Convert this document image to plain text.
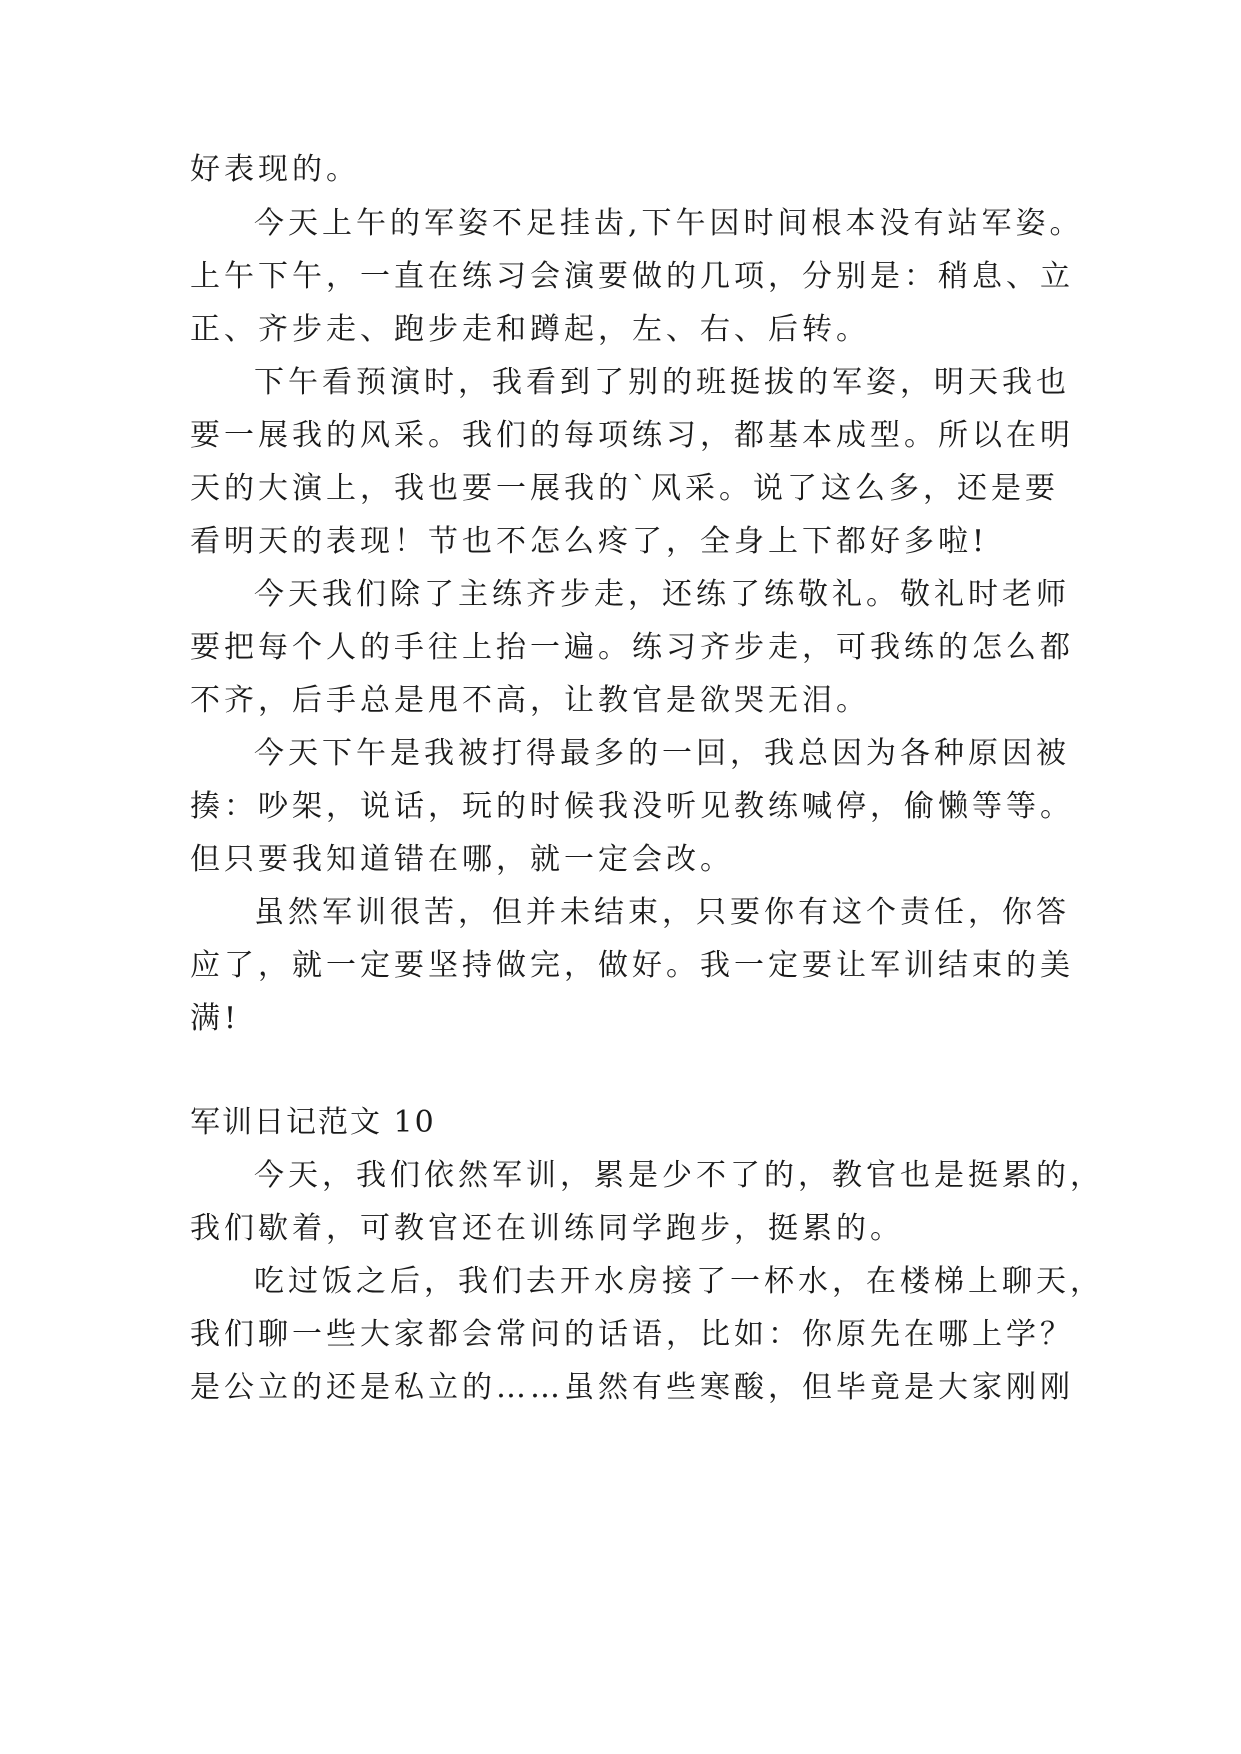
好表现的。
今天上午的军姿不足挂齿,下午因时间根本没有站军姿。
上午下午，一直在练习会演要做的几项，分别是：稍息、立
正、齐步走、跑步走和蹲起，左、右、后转。
下午看预演时，我看到了别的班挺拔的军姿，明天我也
要一展我的风采。我们的每项练习，都基本成型。所以在明
天的大演上，我也要一展我的`风采。说了这么多，还是要
看明天的表现！节也不怎么疼了，全身上下都好多啦!
今天我们除了主练齐步走，还练了练敬礼。敬礼时老师
要把每个人的手往上抬一遍。练习齐步走，可我练的怎么都
不齐，后手总是甩不高，让教官是欲哭无泪。
今天下午是我被打得最多的一回，我总因为各种原因被
揍：吵架，说话，玩的时候我没听见教练喊停，偷懒等等。
但只要我知道错在哪，就一定会改。
虽然军训很苦，但并未结束，只要你有这个责任，你答
应了，就一定要坚持做完，做好。我一定要让军训结束的美
满!
军训日记范文 10
今天，我们依然军训，累是少不了的，教官也是挺累的，
我们歇着，可教官还在训练同学跑步，挺累的。
吃过饭之后，我们去开水房接了一杯水，在楼梯上聊天，
我们聊一些大家都会常问的话语，比如：你原先在哪上学？
是公立的还是私立的……虽然有些寒酸，但毕竟是大家刚刚
